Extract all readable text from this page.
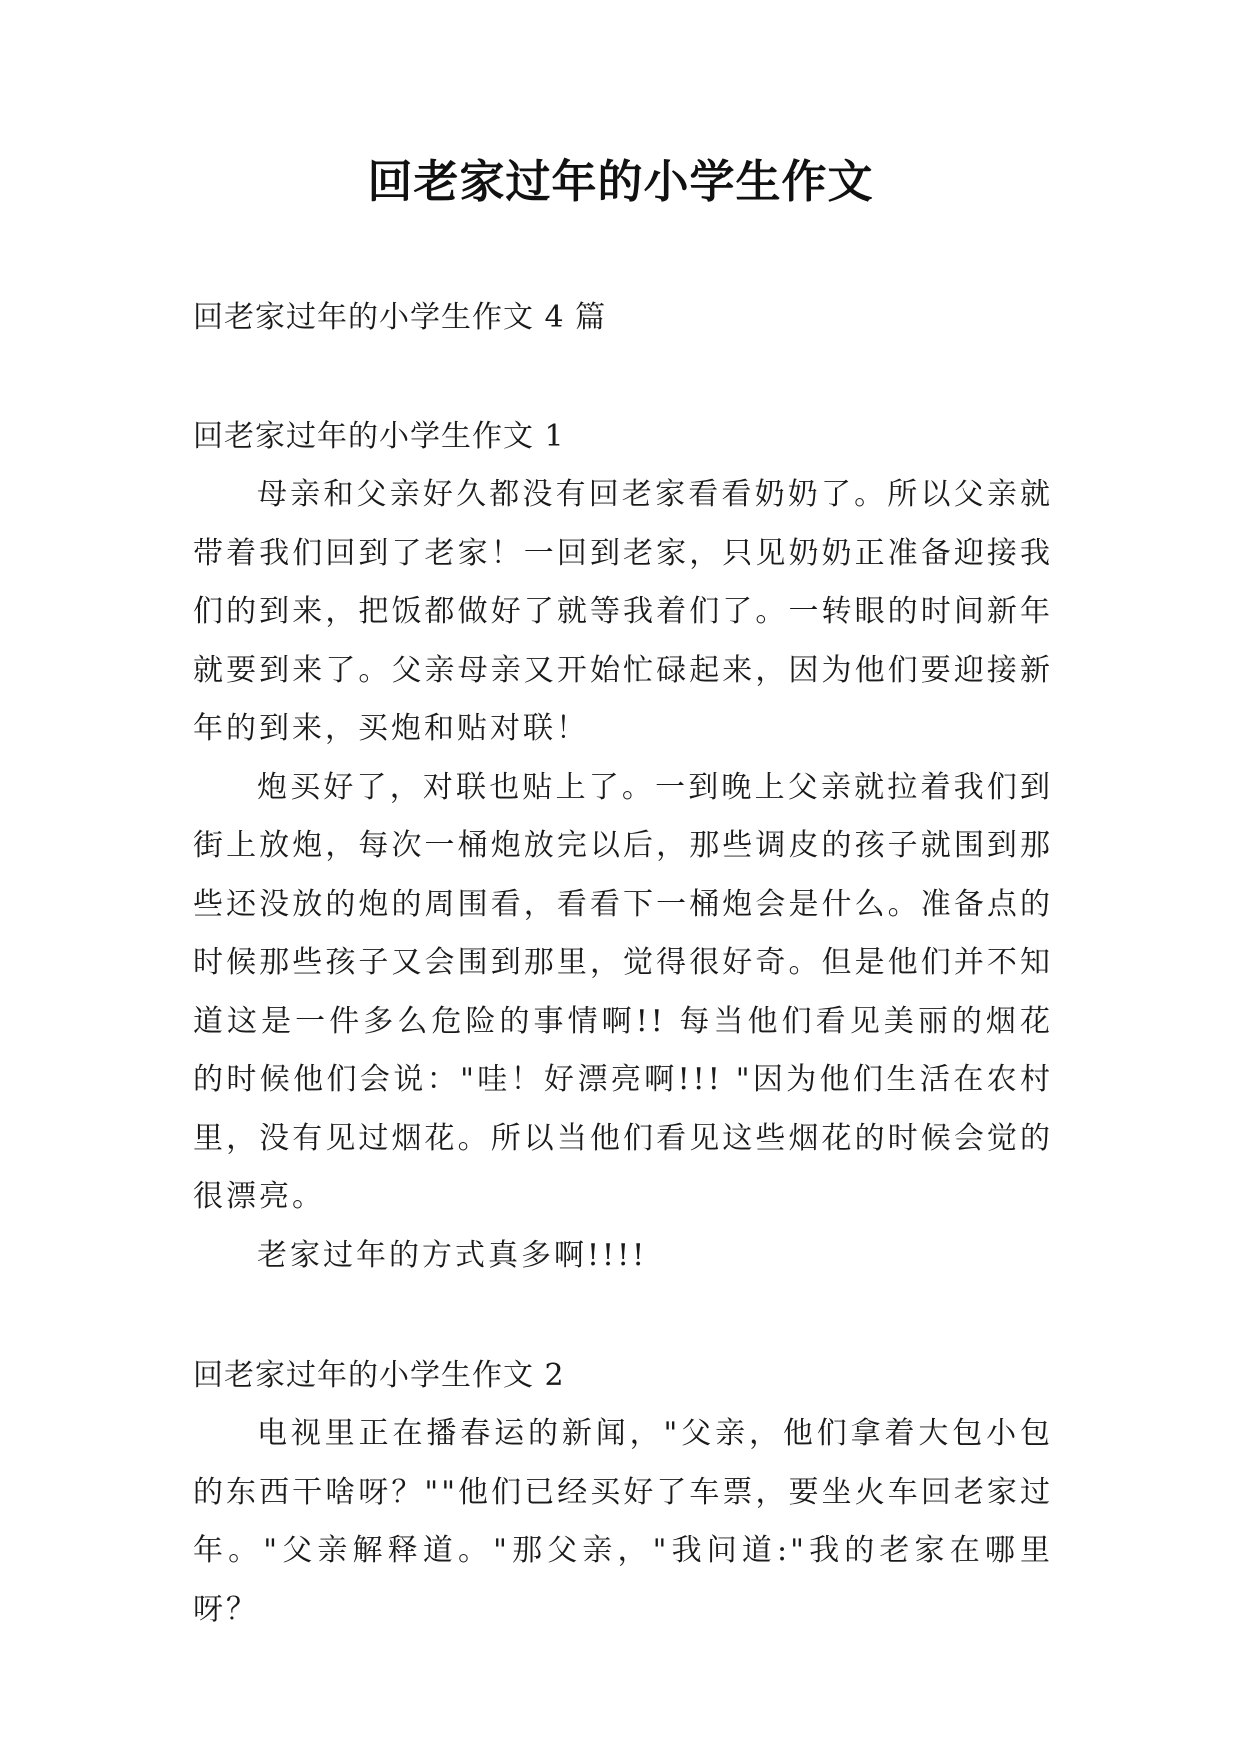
回老家过年的小学生作文
回老家过年的小学生作文 4 篇

回老家过年的小学生作文 1

母亲和父亲好久都没有回老家看看奶奶了。所以父亲就带着我们回到了老家！一回到老家，只见奶奶正准备迎接我们的到来，把饭都做好了就等我着们了。一转眼的时间新年就要到来了。父亲母亲又开始忙碌起来，因为他们要迎接新年的到来，买炮和贴对联！

炮买好了，对联也贴上了。一到晚上父亲就拉着我们到街上放炮，每次一桶炮放完以后，那些调皮的孩子就围到那些还没放的炮的周围看，看看下一桶炮会是什么。准备点的时候那些孩子又会围到那里，觉得很好奇。但是他们并不知道这是一件多么危险的事情啊!! 每当他们看见美丽的烟花的时候他们会说："哇！好漂亮啊!!! "因为他们生活在农村里，没有见过烟花。所以当他们看见这些烟花的时候会觉的很漂亮。

老家过年的方式真多啊!!!!

回老家过年的小学生作文 2

电视里正在播春运的新闻，"父亲，他们拿着大包小包的东西干啥呀？""他们已经买好了车票，要坐火车回老家过年。"父亲解释道。"那父亲，"我问道:"我的老家在哪里呀？
